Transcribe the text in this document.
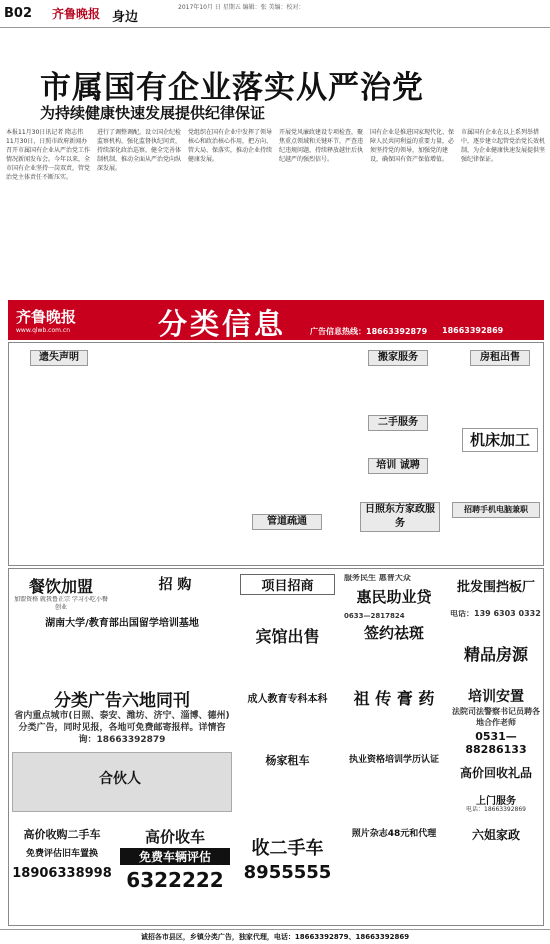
B02 齐鲁晚报 身边
2017年10月 日 星期五 编辑：张 美编：校对：
市属国有企业落实从严治党
为持续健康快速发展提供纪律保证
本报11月30日讯记者 隋志伟 11月30日，日照市政府新闻办召开市属国有企业从严治党工作情况新闻发布会。今年以来，全市国有企业坚持一岗双责，管党治党主体责任不断压实。
进行了调整调配，设立国企纪检监察机构，强化监督执纪问责，持续深化政治巡察，健全完善体制机制，推动全面从严治党向纵深发展。
党组织在国有企业中发挥了领导核心和政治核心作用，把方向、管大局、保落实，推动企业持续健康发展。
开展党风廉政建设专项检查，聚焦重点领域和关键环节，严查违纪违规问题，持续释放越往后执纪越严的强烈信号。
国有企业是推进国家现代化、保障人民共同利益的重要力量，必须坚持党的领导，加强党的建设，确保国有资产保值增值。
市属国有企业在以上系列举措中，逐步建立起管党治党长效机制，为企业健康快速发展提供坚强纪律保证。
齐鲁晚报
www.qlwb.com.cn	分类信息	广告信息热线：18663392879 18663392869
遗失声明	搬家服务	房租出售
二手服务
培训 诚聘
日照东方家政服务
管道疏通
招聘手机电脑兼职
机床加工
餐饮加盟
加盟资格 就我鲁正宗 学习小吃小餐创业
招 购	项目招商
服务民生 惠普大众
惠民助业贷
0633—2817824
批发围挡板厂
电话：139 6303 0332
湖南大学/教育部出国留学培训基地
宾馆出售	签约祛斑
精品房源
分类广告六地同刊
省内重点城市(日照、泰安、潍坊、济宁、淄博、德州)分类广告，同时见报，各地可免费邮寄报样。详情咨询：18663392879
成人教育专科本科	祖 传 膏 药	培训安置
法院司法警察书记员聘各地合作老师
0531—88286133
合伙人
杨家租车	执业资格培训学历认证
高价回收礼品
上门服务
电话：18663392869
高价收购二手车
免费评估旧车置换
18906338998
高价收车
免费车辆评估
6322222
收二手车
8955555
照片杂志48元和代理	六姐家政
诚招各市县区，乡镇分类广告，独家代理，电话：18663392879、18663392869
